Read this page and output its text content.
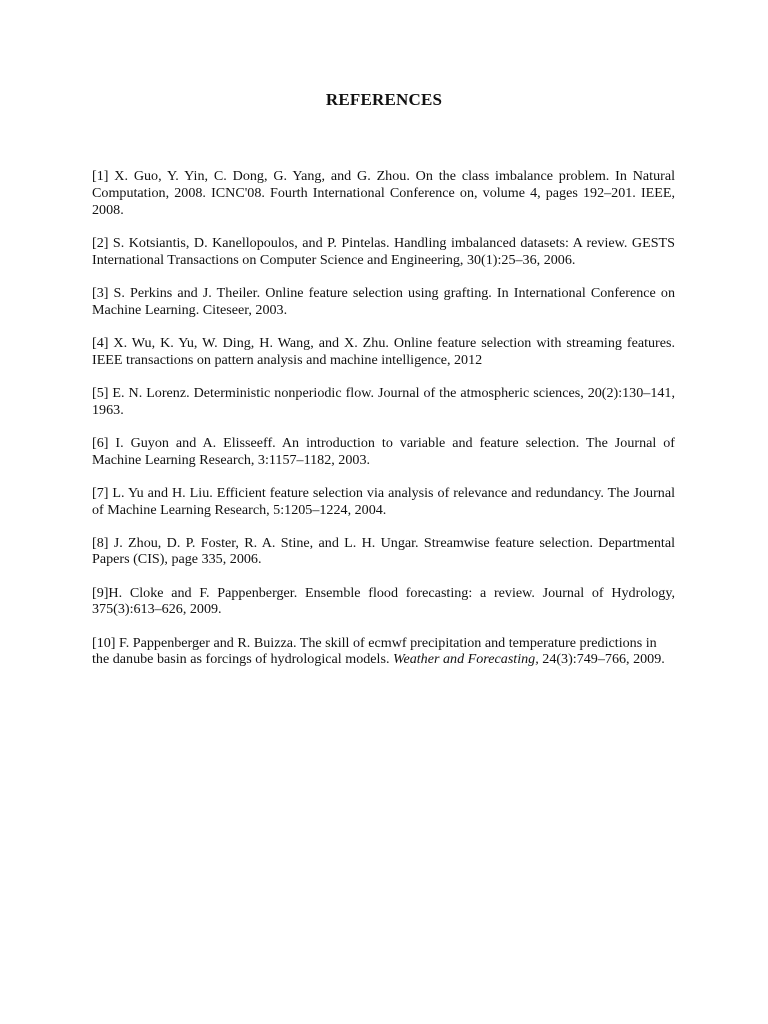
REFERENCES
[1] X. Guo, Y. Yin, C. Dong, G. Yang, and G. Zhou. On the class imbalance problem. In Natural Computation, 2008. ICNC'08. Fourth International Conference on, volume 4, pages 192–201. IEEE, 2008.
[2] S. Kotsiantis, D. Kanellopoulos, and P. Pintelas. Handling imbalanced datasets: A review. GESTS International Transactions on Computer Science and Engineering, 30(1):25–36, 2006.
[3] S. Perkins and J. Theiler. Online feature selection using grafting. In International Conference on Machine Learning. Citeseer, 2003.
[4] X. Wu, K. Yu, W. Ding, H. Wang, and X. Zhu. Online feature selection with streaming features. IEEE transactions on pattern analysis and machine intelligence, 2012
[5] E. N. Lorenz. Deterministic nonperiodic flow. Journal of the atmospheric sciences, 20(2):130–141, 1963.
[6] I. Guyon and A. Elisseeff. An introduction to variable and feature selection. The Journal of Machine Learning Research, 3:1157–1182, 2003.
[7] L. Yu and H. Liu. Efficient feature selection via analysis of relevance and redundancy. The Journal of Machine Learning Research, 5:1205–1224, 2004.
[8] J. Zhou, D. P. Foster, R. A. Stine, and L. H. Ungar. Streamwise feature selection. Departmental Papers (CIS), page 335, 2006.
[9]H. Cloke and F. Pappenberger. Ensemble flood forecasting: a review. Journal of Hydrology, 375(3):613–626, 2009.
[10] F. Pappenberger and R. Buizza. The skill of ecmwf precipitation and temperature predictions in the danube basin as forcings of hydrological models. Weather and Forecasting, 24(3):749–766, 2009.
